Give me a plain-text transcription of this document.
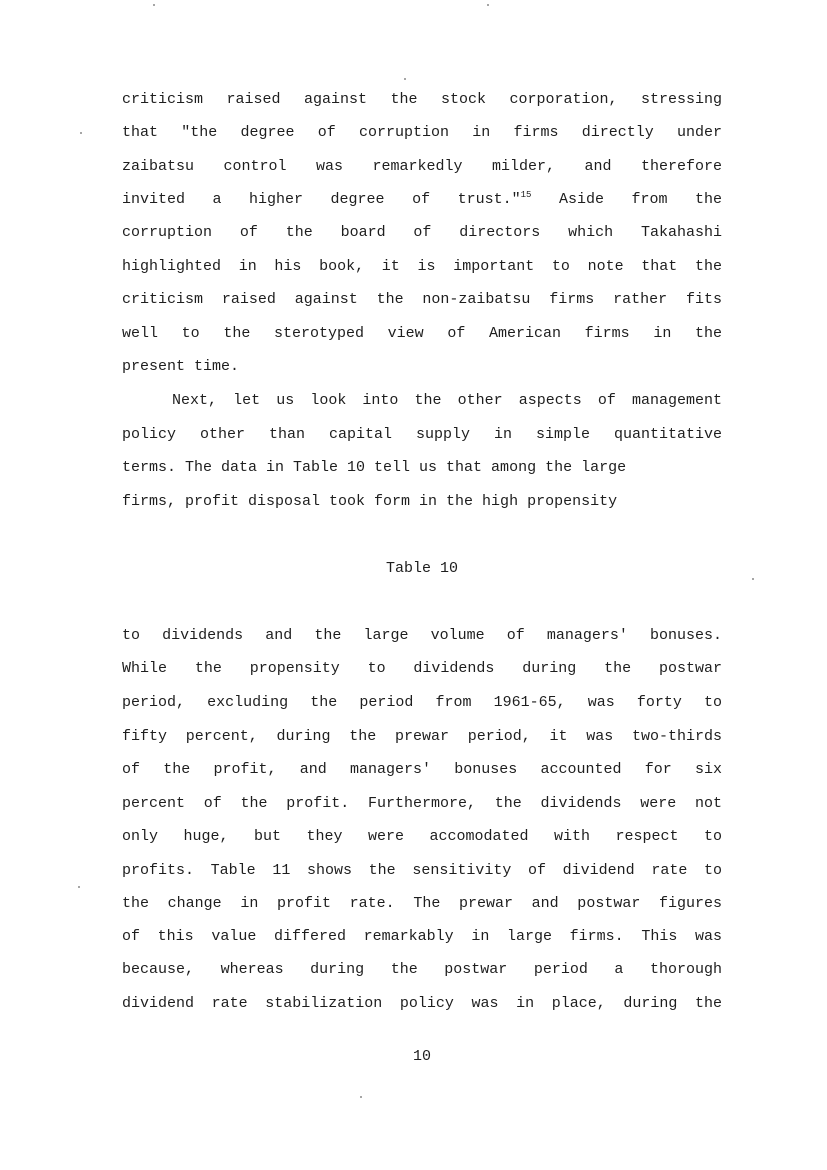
criticism raised against the stock corporation, stressing
that "the degree of corruption in firms directly under
zaibatsu control was remarkedly milder, and therefore
invited a higher degree of trust."$^{15}$ Aside from the
corruption of the board of directors which Takahashi
highlighted in his book, it is important to note that the
criticism raised against the non-zaibatsu firms rather fits
well to the sterotyped view of American firms in the
present time.
Next, let us look into the other aspects of management
policy other than capital supply in simple quantitative
terms. The data in Table 10 tell us that among the large
firms, profit disposal took form in the high propensity
Table 10
to dividends and the large volume of managers' bonuses.
While the propensity to dividends during the postwar
period, excluding the period from 1961-65, was forty to
fifty percent, during the prewar period, it was two-thirds
of the profit, and managers' bonuses accounted for six
percent of the profit. Furthermore, the dividends were not
only huge, but they were accomodated with respect to
profits. Table 11 shows the sensitivity of dividend rate to
the change in profit rate. The prewar and postwar figures
of this value differed remarkably in large firms. This was
because, whereas during the postwar period a thorough
dividend rate stabilization policy was in place, during the
10
